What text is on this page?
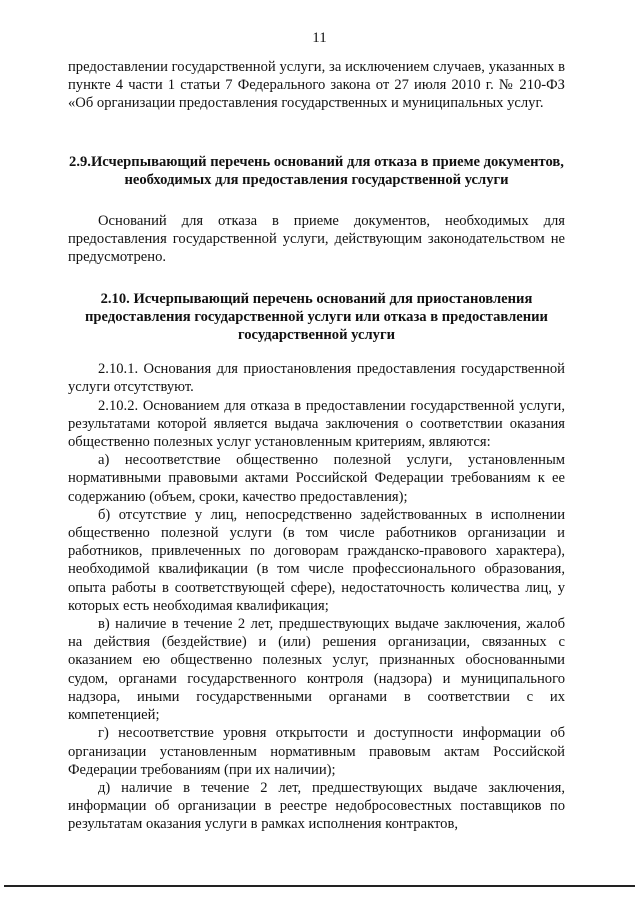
11

предоставлении государственной услуги, за исключением случаев, указанных в пункте 4 части 1 статьи 7 Федерального закона от 27 июля 2010 г. № 210-ФЗ «Об организации предоставления государственных и муниципальных услуг.

2.9.Исчерпывающий перечень оснований для отказа в приеме документов, необходимых для предоставления государственной услуги

Оснований для отказа в приеме документов, необходимых для предоставления государственной услуги, действующим законодательством не предусмотрено.

2.10. Исчерпывающий перечень оснований для приостановления предоставления государственной услуги или отказа в предоставлении государственной услуги

2.10.1. Основания для приостановления предоставления государственной услуги отсутствуют.

2.10.2. Основанием для отказа в предоставлении государственной услуги, результатами которой является выдача заключения о соответствии оказания общественно полезных услуг установленным критериям, являются:

а) несоответствие общественно полезной услуги, установленным нормативными правовыми актами Российской Федерации требованиям к ее содержанию (объем, сроки, качество предоставления);

б) отсутствие у лиц, непосредственно задействованных в исполнении общественно полезной услуги (в том числе работников организации и работников, привлеченных по договорам гражданско-правового характера), необходимой квалификации (в том числе профессионального образования, опыта работы в соответствующей сфере), недостаточность количества лиц, у которых есть необходимая квалификация;

в) наличие в течение 2 лет, предшествующих выдаче заключения, жалоб на действия (бездействие) и (или) решения организации, связанных с оказанием ею общественно полезных услуг, признанных обоснованными судом, органами государственного контроля (надзора) и муниципального надзора, иными государственными органами в соответствии с их компетенцией;

г) несоответствие уровня открытости и доступности информации об организации установленным нормативным правовым актам Российской Федерации требованиям (при их наличии);

д) наличие в течение 2 лет, предшествующих выдаче заключения, информации об организации в реестре недобросовестных поставщиков по результатам оказания услуги в рамках исполнения контрактов,
